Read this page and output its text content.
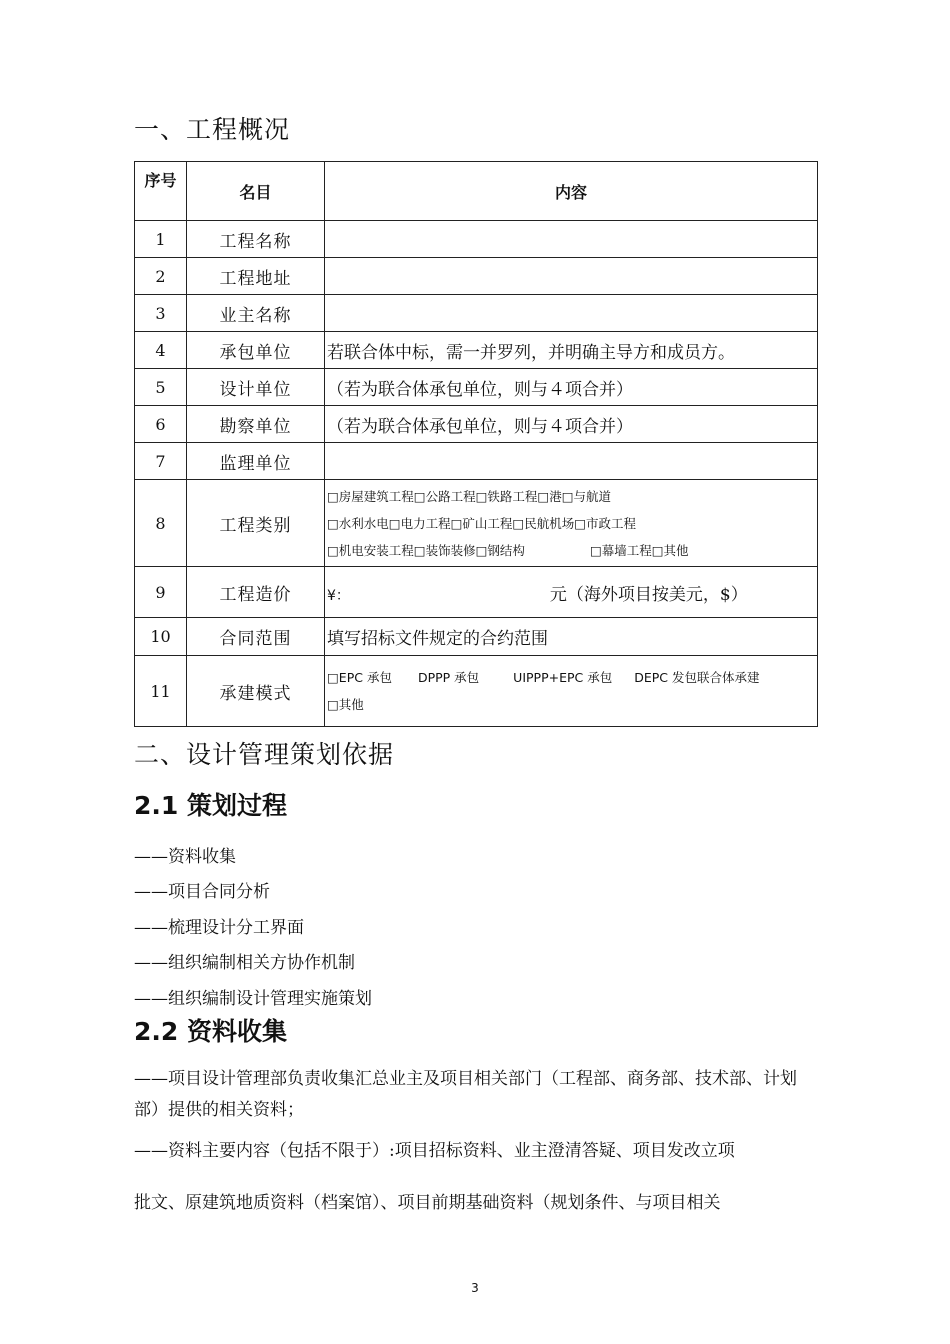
一、工程概况
序号	名目	内容
1	工程名称	
2	工程地址	
3	业主名称	
4	承包单位	若联合体中标，需一并罗列，并明确主导方和成员方。
5	设计单位	（若为联合体承包单位，则与４项合并）
6	勘察单位	（若为联合体承包单位，则与４项合并）
7	监理单位	
8	工程类别	□房屋建筑工程□公路工程□铁路工程□港□与航道
□水利水电□电力工程□矿山工程□民航机场□市政工程
□机电安装工程□装饰装修□钢结构 □幕墙工程□其他

9	工程造价	¥： 元（海外项目按美元，$）
10	合同范围	填写招标文件规定的合约范围
11	承建模式	□EPC 承包 DPPP 承包 UIPPP+EPC 承包 DEPC 发包联合体承建
□其他
二、设计管理策划依据
2.1 策划过程
——资料收集
——项目合同分析
——梳理设计分工界面
——组织编制相关方协作机制
——组织编制设计管理实施策划
2.2 资料收集
——项目设计管理部负责收集汇总业主及项目相关部门（工程部、商务部、技术部、计划部）提供的相关资料；
——资料主要内容（包括不限于）:项目招标资料、业主澄清答疑、项目发改立项
批文、原建筑地质资料（档案馆）、项目前期基础资料（规划条件、与项目相关
3
